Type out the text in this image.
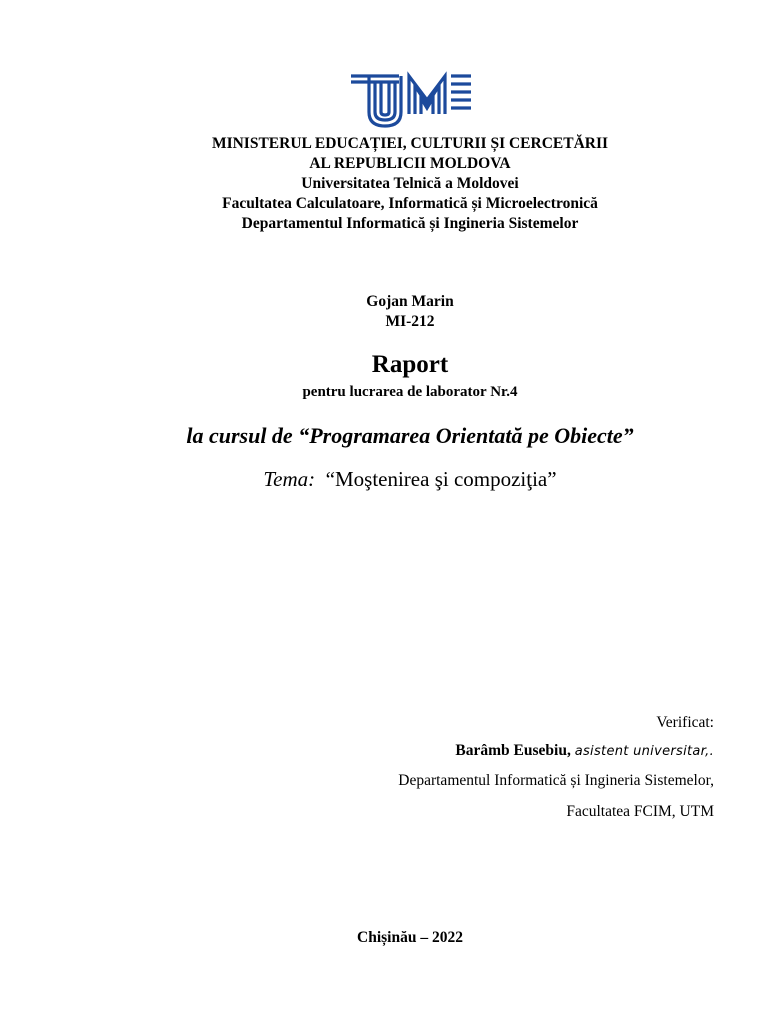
MINISTERUL EDUCAȚIEI, CULTURII ȘI CERCETĂRII
AL REPUBLICII MOLDOVA
Universitatea Telnică a Moldovei
Facultatea Calculatoare, Informatică și Microelectronică
Departamentul Informatică și Ingineria Sistemelor
Gojan Marin
MI-212
Raport
pentru lucrarea de laborator Nr.4
la cursul de “Programarea Orientată pe Obiecte”
Tema: “Moştenirea şi compoziţia”
Verificat:
Barâmb Eusebiu, asistent universitar,.
Departamentul Informatică și Ingineria Sistemelor,
Facultatea FCIM, UTM
Chișinău – 2022
